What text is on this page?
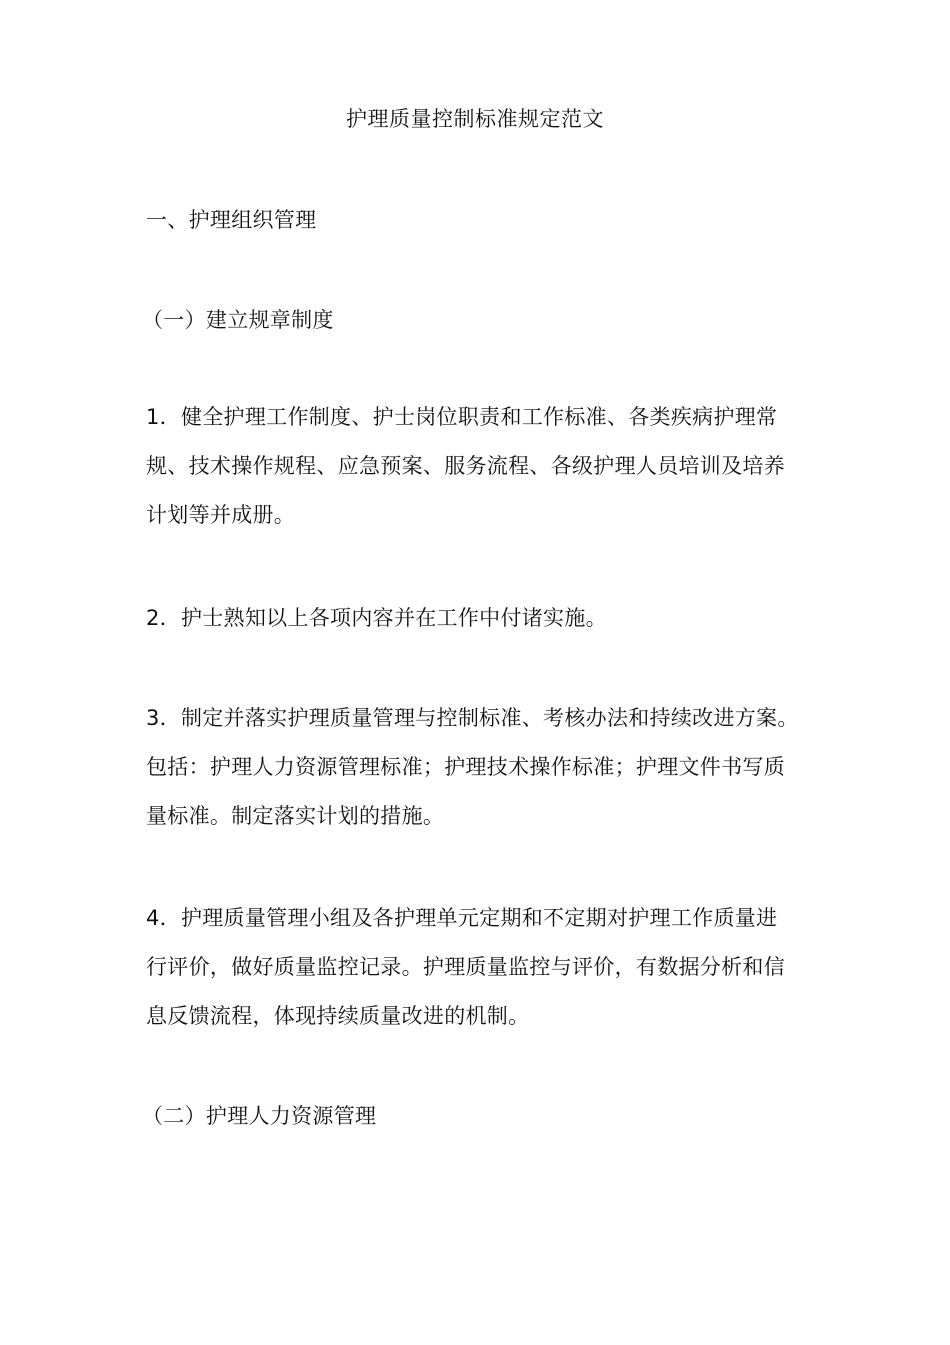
护理质量控制标准规定范文
一、护理组织管理
（一）建立规章制度
1．健全护理工作制度、护士岗位职责和工作标准、各类疾病护理常
规、技术操作规程、应急预案、服务流程、各级护理人员培训及培养
计划等并成册。
2．护士熟知以上各项内容并在工作中付诸实施。
3．制定并落实护理质量管理与控制标准、考核办法和持续改进方案。
包括：护理人力资源管理标准；护理技术操作标准；护理文件书写质
量标准。制定落实计划的措施。
4．护理质量管理小组及各护理单元定期和不定期对护理工作质量进
行评价，做好质量监控记录。护理质量监控与评价，有数据分析和信
息反馈流程，体现持续质量改进的机制。
（二）护理人力资源管理
